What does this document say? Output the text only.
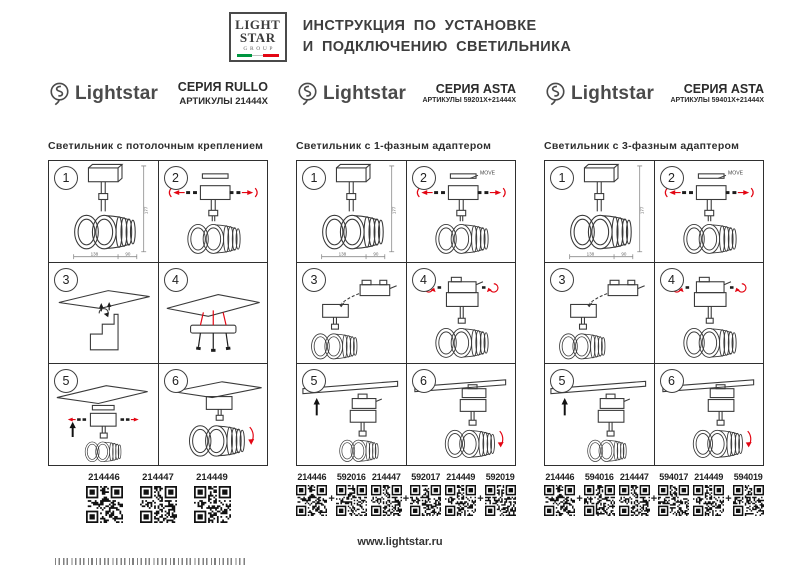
LIGHT
STAR
GROUP
ИНСТРУКЦИЯ ПО УСТАНОВКЕ
И ПОДКЛЮЧЕНИЮ СВЕТИЛЬНИКА
Lightstar СЕРИЯ RULLO
АРТИКУЛЫ 21444X
Светильник с потолочным креплением
1	2
3	4
5	6
214446 214447 214449
Lightstar	СЕРИЯ ASTA
АРТИКУЛЫ 59201X+21444X
Светильник с 1-фазным адаптером
1	2	MOVE
3	4
5	6
214446
+
592016 214447
+
592017 214449
+
592019
Lightstar	СЕРИЯ ASTA
АРТИКУЛЫ 59401X+21444X
Светильник с 3-фазным адаптером
1	2	MOVE
3	4
5	6
214446
+
594016 214447
+
594017 214449
+
594019
www.lightstar.ru
